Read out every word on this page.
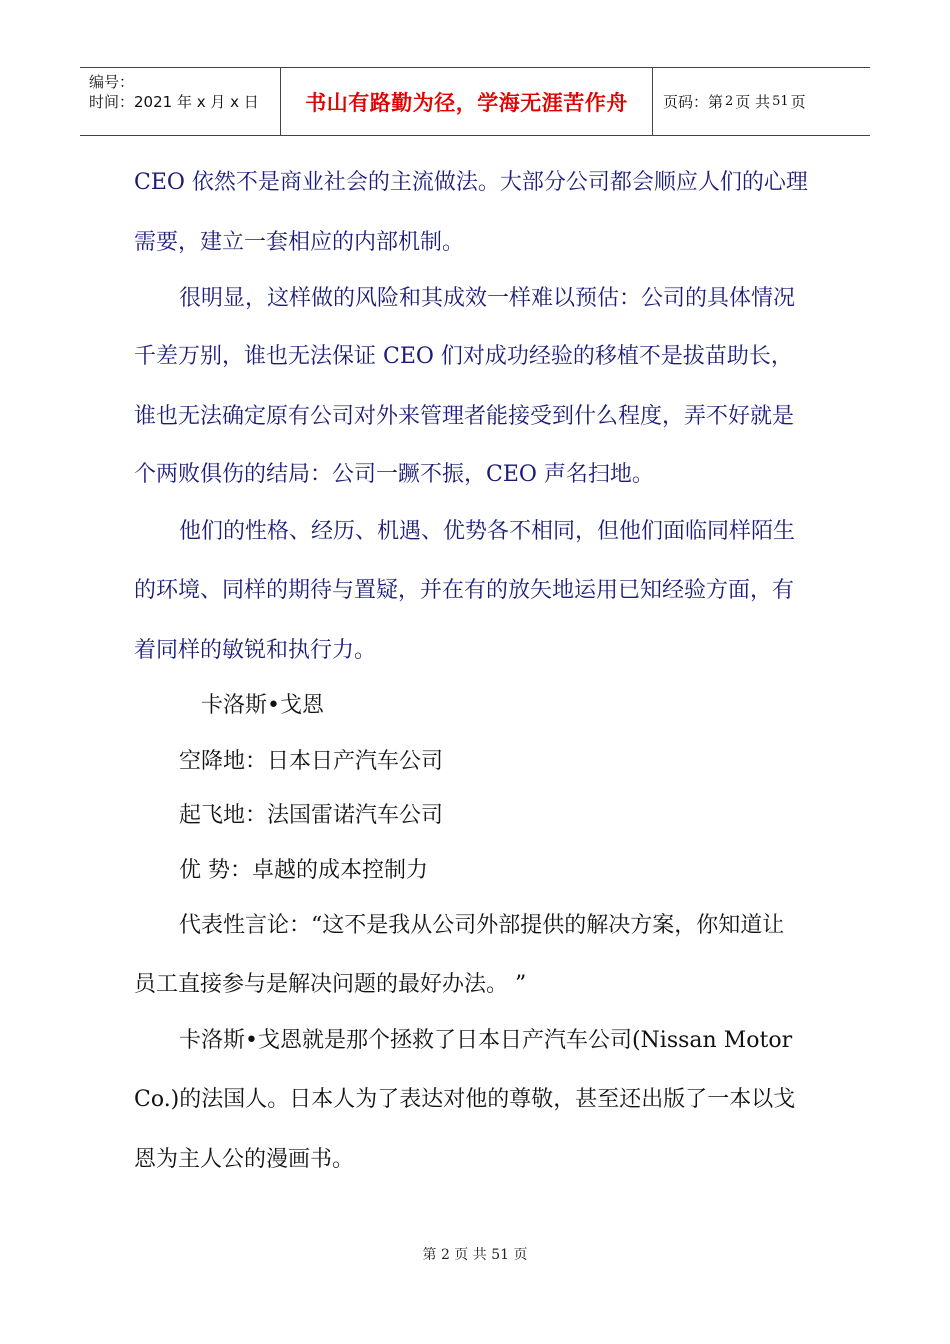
编号：
时间：2021 年 x 月 x 日	书山有路勤为径，学海无涯苦作舟	页码：第 2 页 共 51 页
CEO 依然不是商业社会的主流做法。大部分公司都会顺应人们的心理
需要，建立一套相应的内部机制。
很明显，这样做的风险和其成效一样难以预估：公司的具体情况
千差万别，谁也无法保证 CEO 们对成功经验的移植不是拔苗助长，
谁也无法确定原有公司对外来管理者能接受到什么程度，弄不好就是
个两败俱伤的结局：公司一蹶不振，CEO 声名扫地。
他们的性格、经历、机遇、优势各不相同，但他们面临同样陌生
的环境、同样的期待与置疑，并在有的放矢地运用已知经验方面，有
着同样的敏锐和执行力。
卡洛斯•戈恩
空降地：日本日产汽车公司
起飞地：法国雷诺汽车公司
优 势：卓越的成本控制力
代表性言论：“这不是我从公司外部提供的解决方案，你知道让
员工直接参与是解决问题的最好办法。 ”
卡洛斯•戈恩就是那个拯救了日本日产汽车公司(Nissan Motor
Co.)的法国人。日本人为了表达对他的尊敬，甚至还出版了一本以戈
恩为主人公的漫画书。
第 2 页 共 51 页
